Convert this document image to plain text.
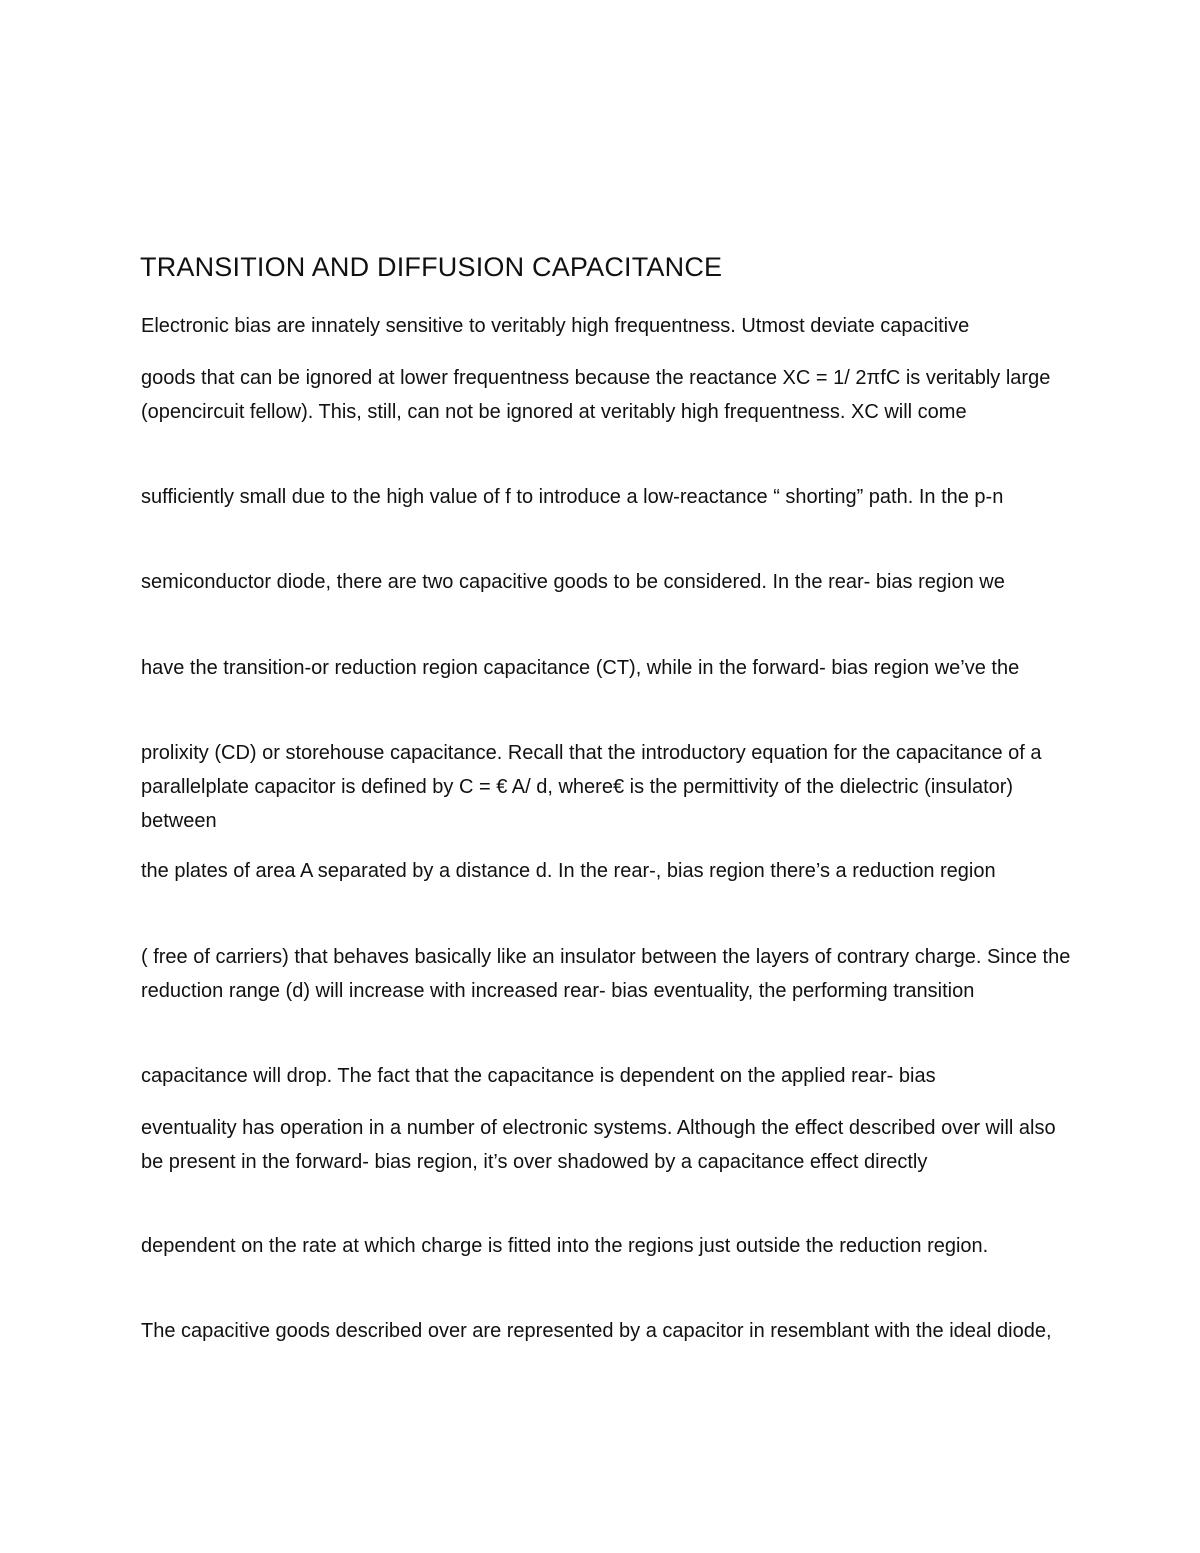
TRANSITION AND DIFFUSION CAPACITANCE

Electronic bias are innately sensitive to veritably high frequentness. Utmost deviate capacitive

goods that can be ignored at lower frequentness because the reactance XC = 1/ 2πfC is veritably large (opencircuit fellow). This, still, can not be ignored at veritably high frequentness. XC will come

sufficiently small due to the high value of f to introduce a low-reactance “ shorting” path. In the p-n

semiconductor diode, there are two capacitive goods to be considered. In the rear- bias region we

have the transition-or reduction region capacitance (CT), while in the forward- bias region we’ve the

prolixity (CD) or storehouse capacitance. Recall that the introductory equation for the capacitance of a parallelplate capacitor is defined by C = € A/ d, where€ is the permittivity of the dielectric (insulator) between

the plates of area A separated by a distance d. In the rear-, bias region there’s a reduction region

( free of carriers) that behaves basically like an insulator between the layers of contrary charge. Since the reduction range (d) will increase with increased rear- bias eventuality, the performing transition

capacitance will drop. The fact that the capacitance is dependent on the applied rear- bias

eventuality has operation in a number of electronic systems. Although the effect described over will also be present in the forward- bias region, it’s over shadowed by a capacitance effect directly

dependent on the rate at which charge is fitted into the regions just outside the reduction region.

The capacitive goods described over are represented by a capacitor in resemblant with the ideal diode,
